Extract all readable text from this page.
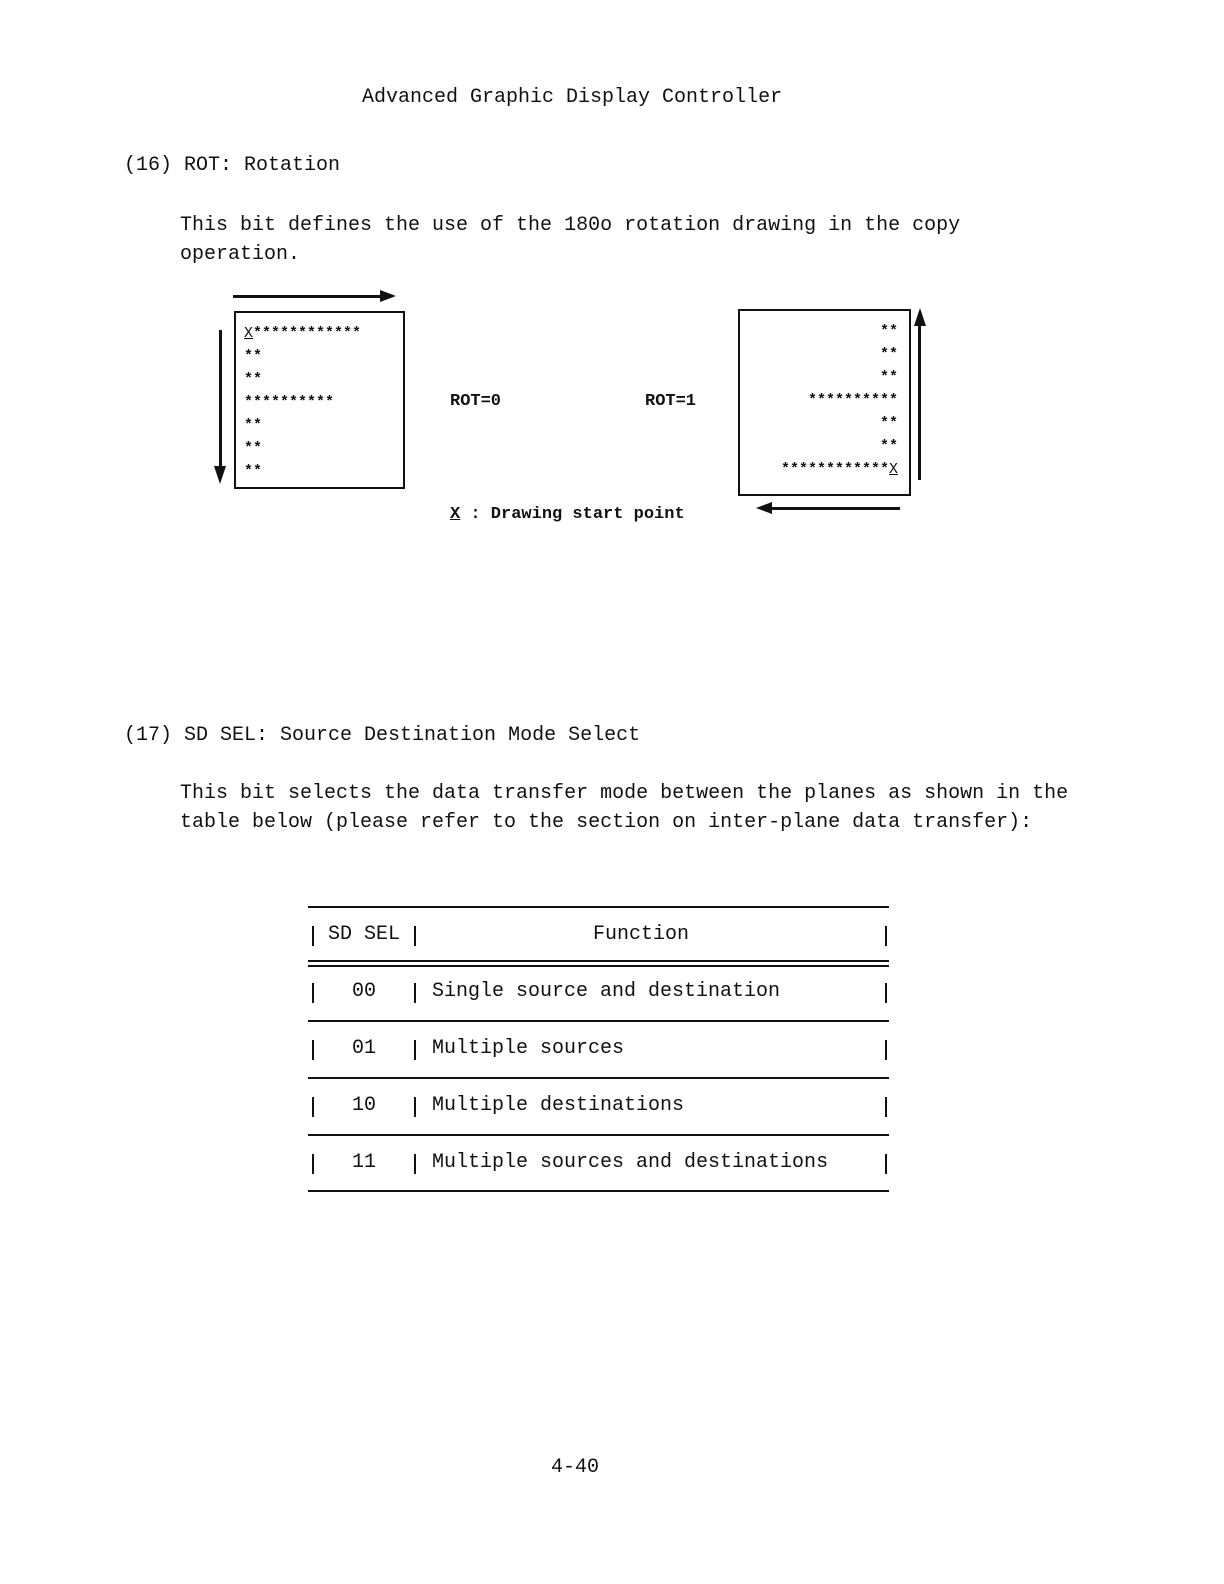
Advanced Graphic Display Controller
(16) ROT: Rotation
This bit defines the use of the 180o rotation drawing in the copy
operation.
X************
**
**
**********
**
**
**
ROT=0	ROT=1
**
**
**
**********
**
**
************X
X : Drawing start point
(17) SD SEL: Source Destination Mode Select
This bit selects the data transfer mode between the planes as shown in the
table below (please refer to the section on inter-plane data transfer):
SD SEL	Function
00	Single source and destination
01	Multiple sources
10	Multiple destinations
11	Multiple sources and destinations
4-40
